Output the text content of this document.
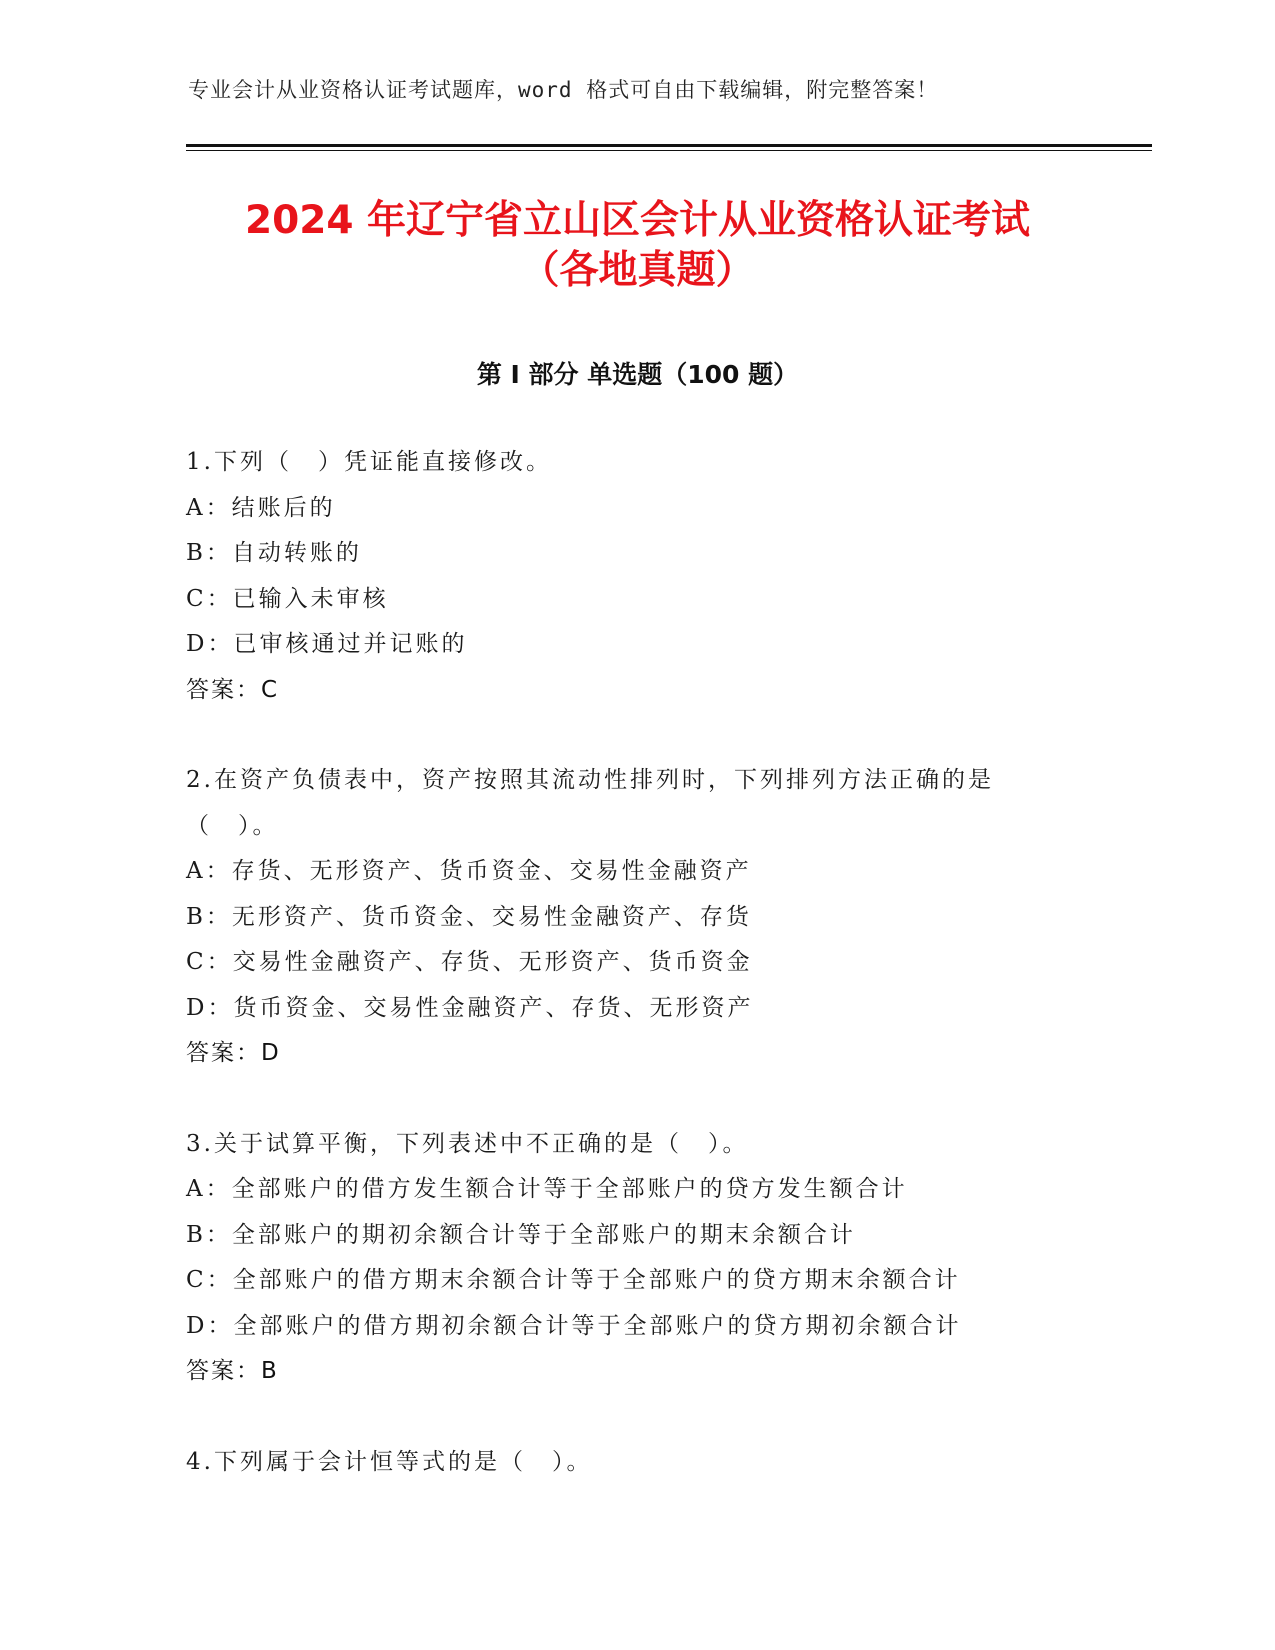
专业会计从业资格认证考试题库，word 格式可自由下载编辑，附完整答案！
2024 年辽宁省立山区会计从业资格认证考试
（各地真题）
第 I 部分 单选题（100 题）
1.下列（　）凭证能直接修改。
A：结账后的
B：自动转账的
C：已输入未审核
D：已审核通过并记账的
答案：C
2.在资产负债表中，资产按照其流动性排列时，下列排列方法正确的是（　）。
A：存货、无形资产、货币资金、交易性金融资产
B：无形资产、货币资金、交易性金融资产、存货
C：交易性金融资产、存货、无形资产、货币资金
D：货币资金、交易性金融资产、存货、无形资产
答案：D
3.关于试算平衡，下列表述中不正确的是（　）。
A：全部账户的借方发生额合计等于全部账户的贷方发生额合计
B：全部账户的期初余额合计等于全部账户的期末余额合计
C：全部账户的借方期末余额合计等于全部账户的贷方期末余额合计
D：全部账户的借方期初余额合计等于全部账户的贷方期初余额合计
答案：B
4.下列属于会计恒等式的是（　）。
